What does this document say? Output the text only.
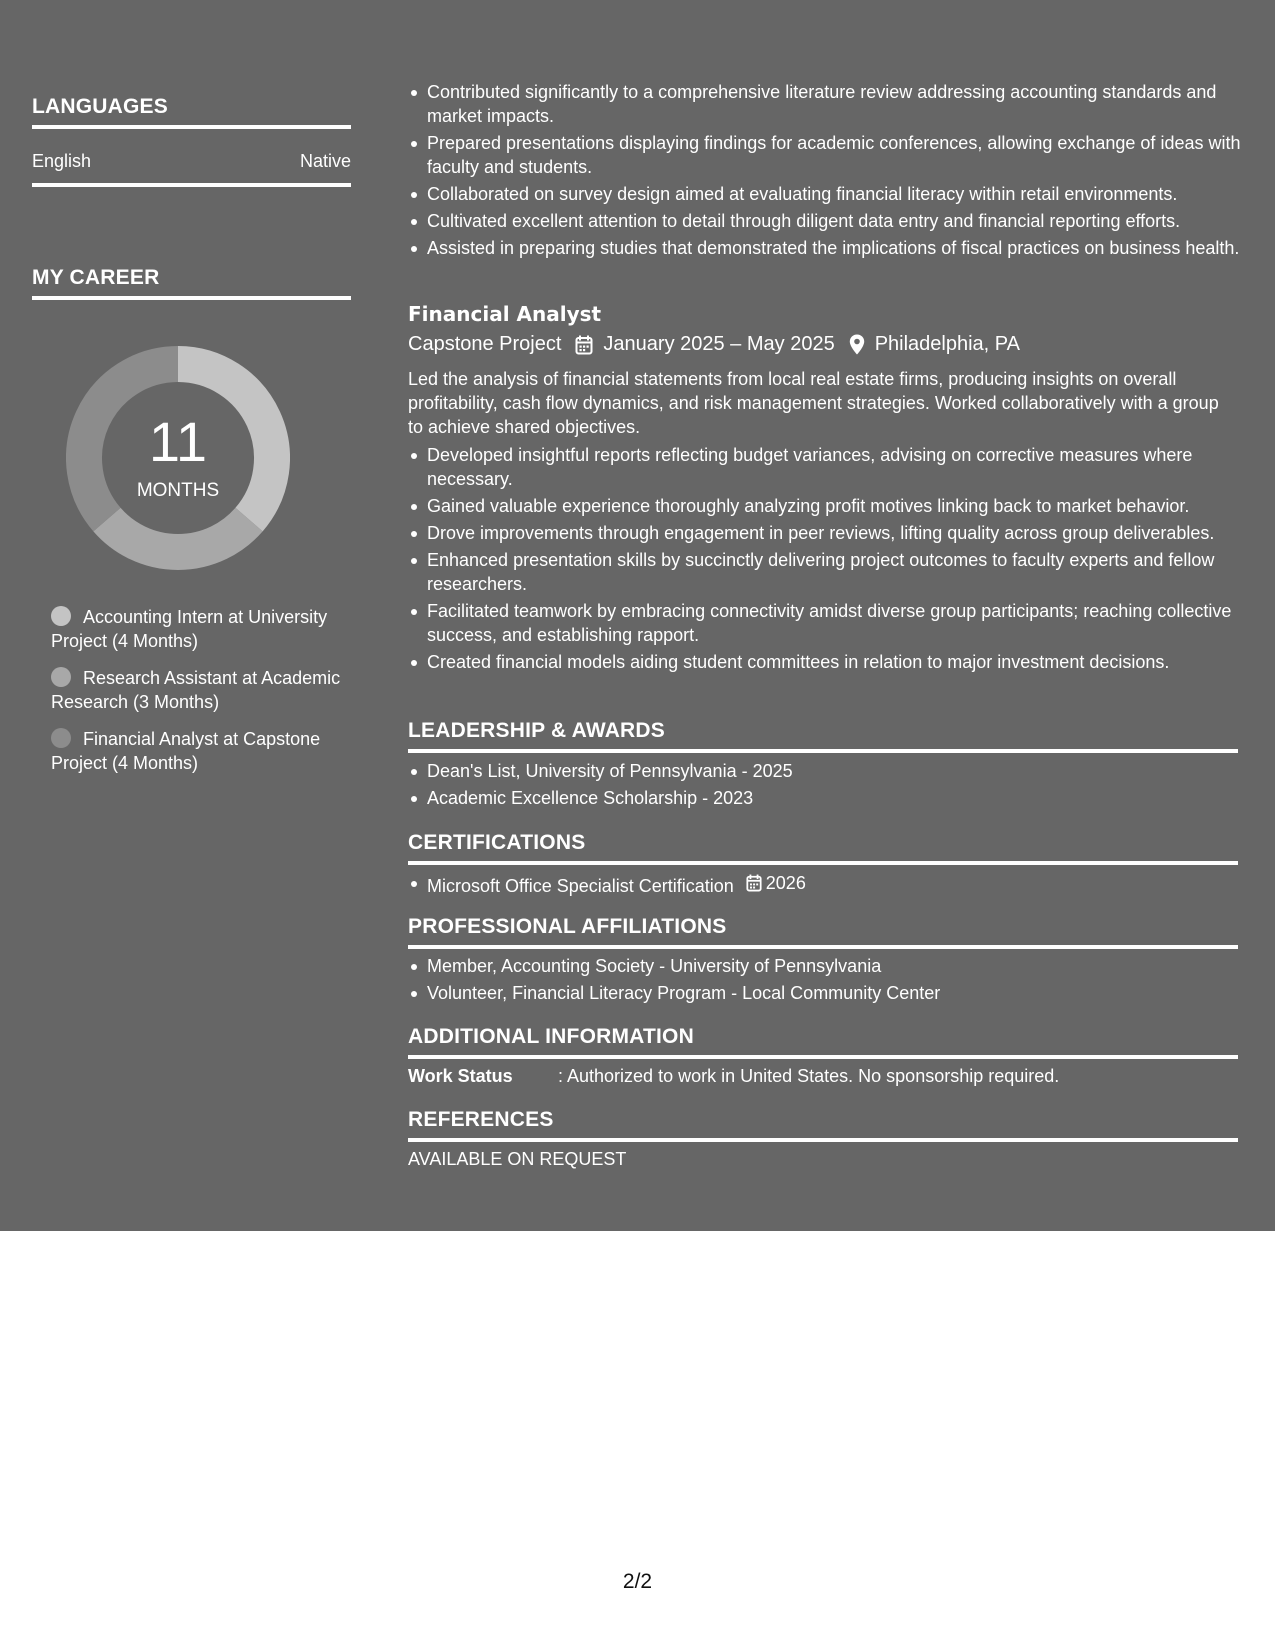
LANGUAGES
English	Native
MY CAREER
11
MONTHS
Accounting Intern at University Project (4 Months)
Research Assistant at Academic Research (3 Months)
Financial Analyst at Capstone Project (4 Months)
Contributed significantly to a comprehensive literature review addressing accounting standards and market impacts.
Prepared presentations displaying findings for academic conferences, allowing exchange of ideas with faculty and students.
Collaborated on survey design aimed at evaluating financial literacy within retail environments.
Cultivated excellent attention to detail through diligent data entry and financial reporting efforts.
Assisted in preparing studies that demonstrated the implications of fiscal practices on business health.
Financial Analyst
Capstone Project January 2025 – May 2025 Philadelphia, PA
Led the analysis of financial statements from local real estate firms, producing insights on overall profitability, cash flow dynamics, and risk management strategies. Worked collaboratively with a group to achieve shared objectives.
Developed insightful reports reflecting budget variances, advising on corrective measures where necessary.
Gained valuable experience thoroughly analyzing profit motives linking back to market behavior.
Drove improvements through engagement in peer reviews, lifting quality across group deliverables.
Enhanced presentation skills by succinctly delivering project outcomes to faculty experts and fellow researchers.
Facilitated teamwork by embracing connectivity amidst diverse group participants; reaching collective success, and establishing rapport.
Created financial models aiding student committees in relation to major investment decisions.
LEADERSHIP & AWARDS
Dean's List, University of Pennsylvania - 2025
Academic Excellence Scholarship - 2023
CERTIFICATIONS
Microsoft Office Specialist Certification 2026
PROFESSIONAL AFFILIATIONS
Member, Accounting Society - University of Pennsylvania
Volunteer, Financial Literacy Program - Local Community Center
ADDITIONAL INFORMATION
Work Status	: Authorized to work in United States. No sponsorship required.
REFERENCES
AVAILABLE ON REQUEST
2/2
